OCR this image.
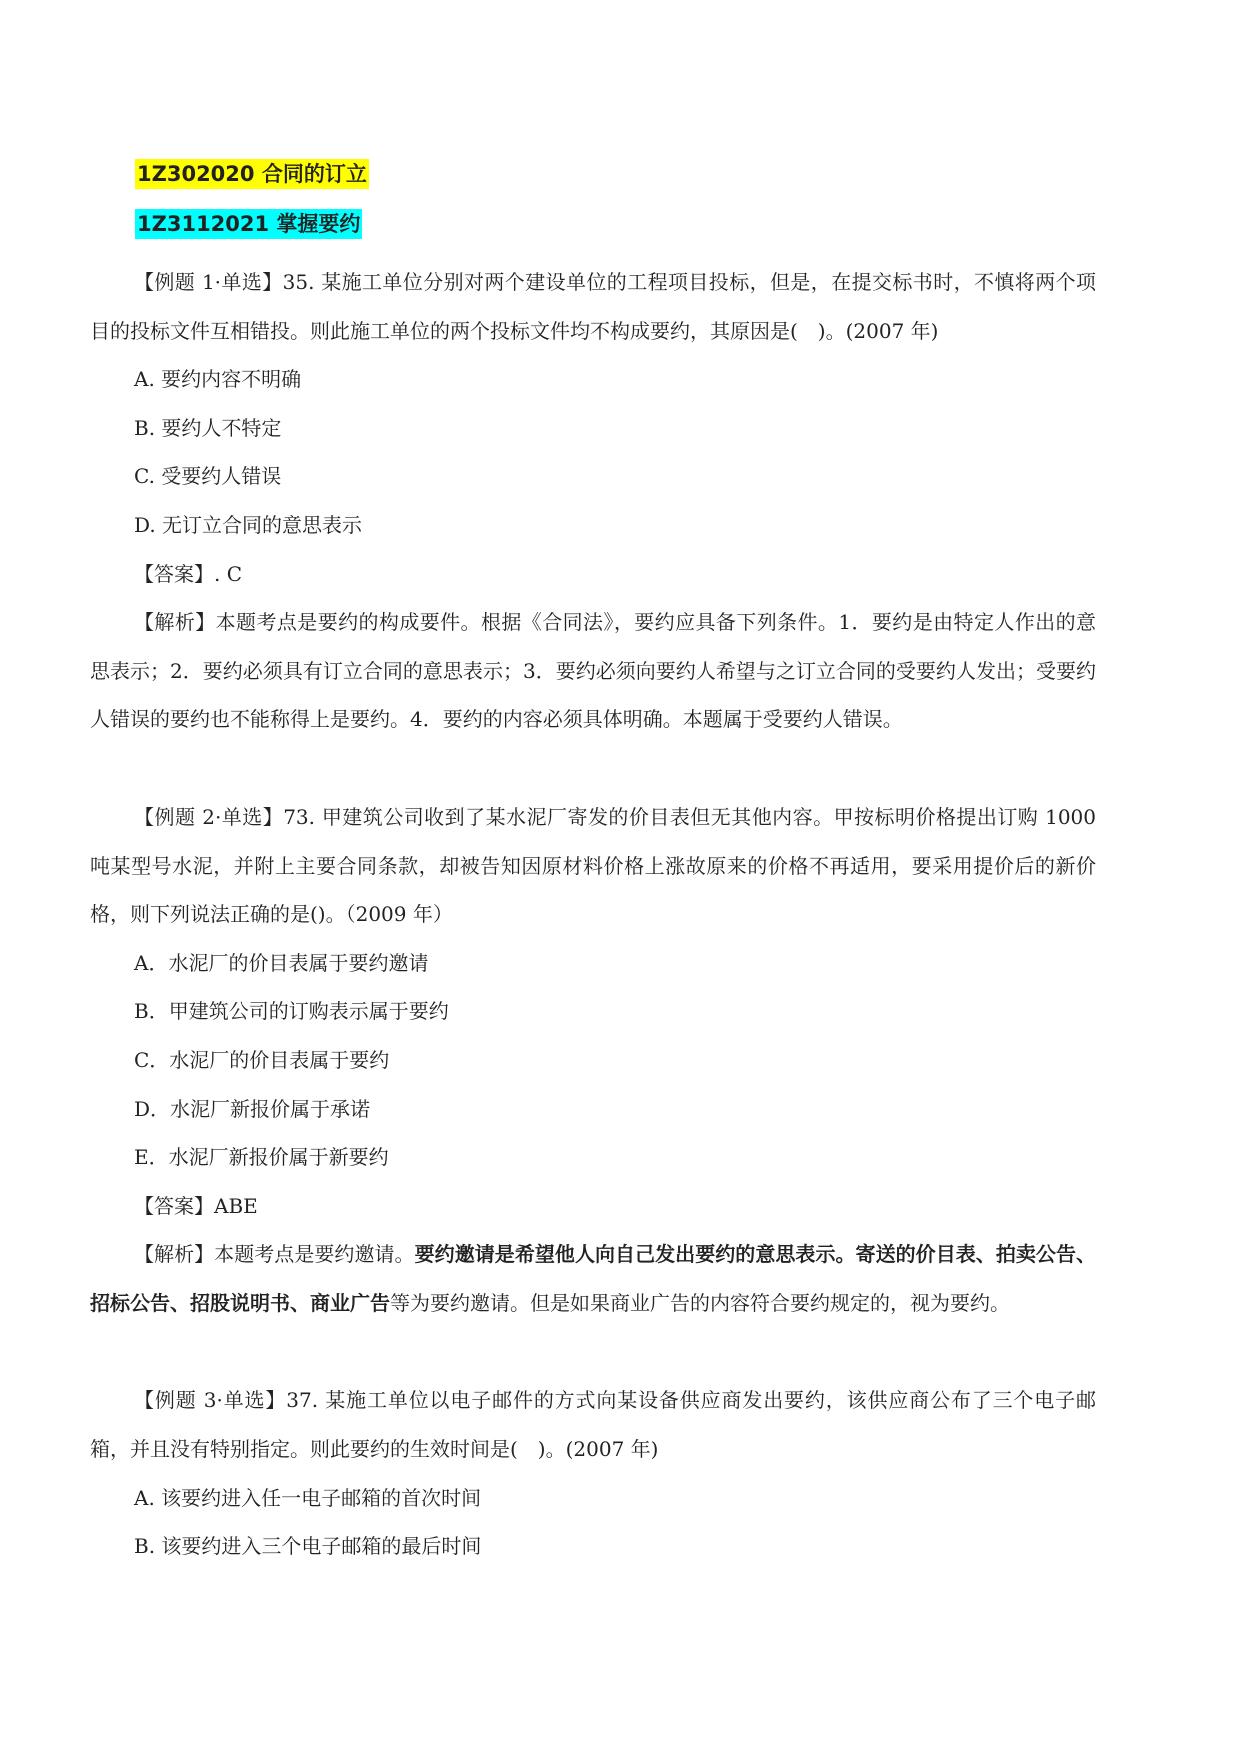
1Z302020 合同的订立
1Z3112021 掌握要约

【例题 1·单选】35. 某施工单位分别对两个建设单位的工程项目投标，但是，在提交标书时，不慎将两个项目的投标文件互相错投。则此施工单位的两个投标文件均不构成要约，其原因是(　)。(2007 年)

A. 要约内容不明确

B. 要约人不特定

C. 受要约人错误

D. 无订立合同的意思表示

【答案】. C

【解析】本题考点是要约的构成要件。根据《合同法》，要约应具备下列条件。1．要约是由特定人作出的意思表示；2．要约必须具有订立合同的意思表示；3．要约必须向要约人希望与之订立合同的受要约人发出；受要约人错误的要约也不能称得上是要约。4．要约的内容必须具体明确。本题属于受要约人错误。

【例题 2·单选】73. 甲建筑公司收到了某水泥厂寄发的价目表但无其他内容。甲按标明价格提出订购 1000 吨某型号水泥，并附上主要合同条款，却被告知因原材料价格上涨故原来的价格不再适用，要采用提价后的新价格，则下列说法正确的是()。（2009 年）

A．水泥厂的价目表属于要约邀请

B．甲建筑公司的订购表示属于要约

C．水泥厂的价目表属于要约

D．水泥厂新报价属于承诺

E．水泥厂新报价属于新要约

【答案】ABE

【解析】本题考点是要约邀请。要约邀请是希望他人向自己发出要约的意思表示。寄送的价目表、拍卖公告、招标公告、招股说明书、商业广告等为要约邀请。但是如果商业广告的内容符合要约规定的，视为要约。

【例题 3·单选】37. 某施工单位以电子邮件的方式向某设备供应商发出要约，该供应商公布了三个电子邮箱，并且没有特别指定。则此要约的生效时间是(　)。(2007 年)

A. 该要约进入任一电子邮箱的首次时间

B. 该要约进入三个电子邮箱的最后时间
